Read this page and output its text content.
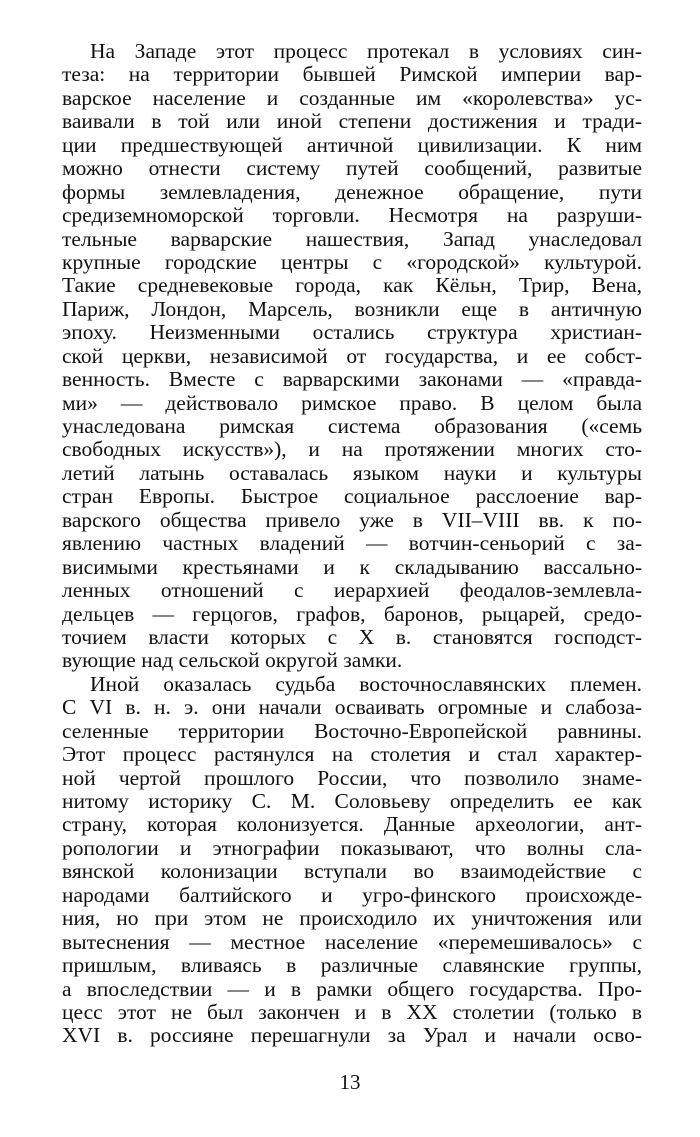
На Западе этот процесс протекал в условиях син-
теза: на территории бывшей Римской империи вар-
варское население и созданные им «королевства» ус-
ваивали в той или иной степени достижения и тради-
ции предшествующей античной цивилизации. К ним
можно отнести систему путей сообщений, развитые
формы землевладения, денежное обращение, пути
средиземноморской торговли. Несмотря на разруши-
тельные варварские нашествия, Запад унаследовал
крупные городские центры с «городской» культурой.
Такие средневековые города, как Кёльн, Трир, Вена,
Париж, Лондон, Марсель, возникли еще в античную
эпоху. Неизменными остались структура христиан-
ской церкви, независимой от государства, и ее собст-
венность. Вместе с варварскими законами — «правда-
ми» — действовало римское право. В целом была
унаследована римская система образования («семь
свободных искусств»), и на протяжении многих сто-
летий латынь оставалась языком науки и культуры
стран Европы. Быстрое социальное расслоение вар-
варского общества привело уже в VII–VIII вв. к по-
явлению частных владений — вотчин-сеньорий с за-
висимыми крестьянами и к складыванию вассально-
ленных отношений с иерархией феодалов-землевла-
дельцев — герцогов, графов, баронов, рыцарей, средо-
точием власти которых с X в. становятся господст-
вующие над сельской округой замки.
Иной оказалась судьба восточнославянских племен.
С VI в. н. э. они начали осваивать огромные и слабоза-
селенные территории Восточно-Европейской равнины.
Этот процесс растянулся на столетия и стал характер-
ной чертой прошлого России, что позволило знаме-
нитому историку С. М. Соловьеву определить ее как
страну, которая колонизуется. Данные археологии, ант-
ропологии и этнографии показывают, что волны сла-
вянской колонизации вступали во взаимодействие с
народами балтийского и угро-финского происхожде-
ния, но при этом не происходило их уничтожения или
вытеснения — местное население «перемешивалось» с
пришлым, вливаясь в различные славянские группы,
а впоследствии — и в рамки общего государства. Про-
цесс этот не был закончен и в XX столетии (только в
XVI в. россияне перешагнули за Урал и начали осво-
13
